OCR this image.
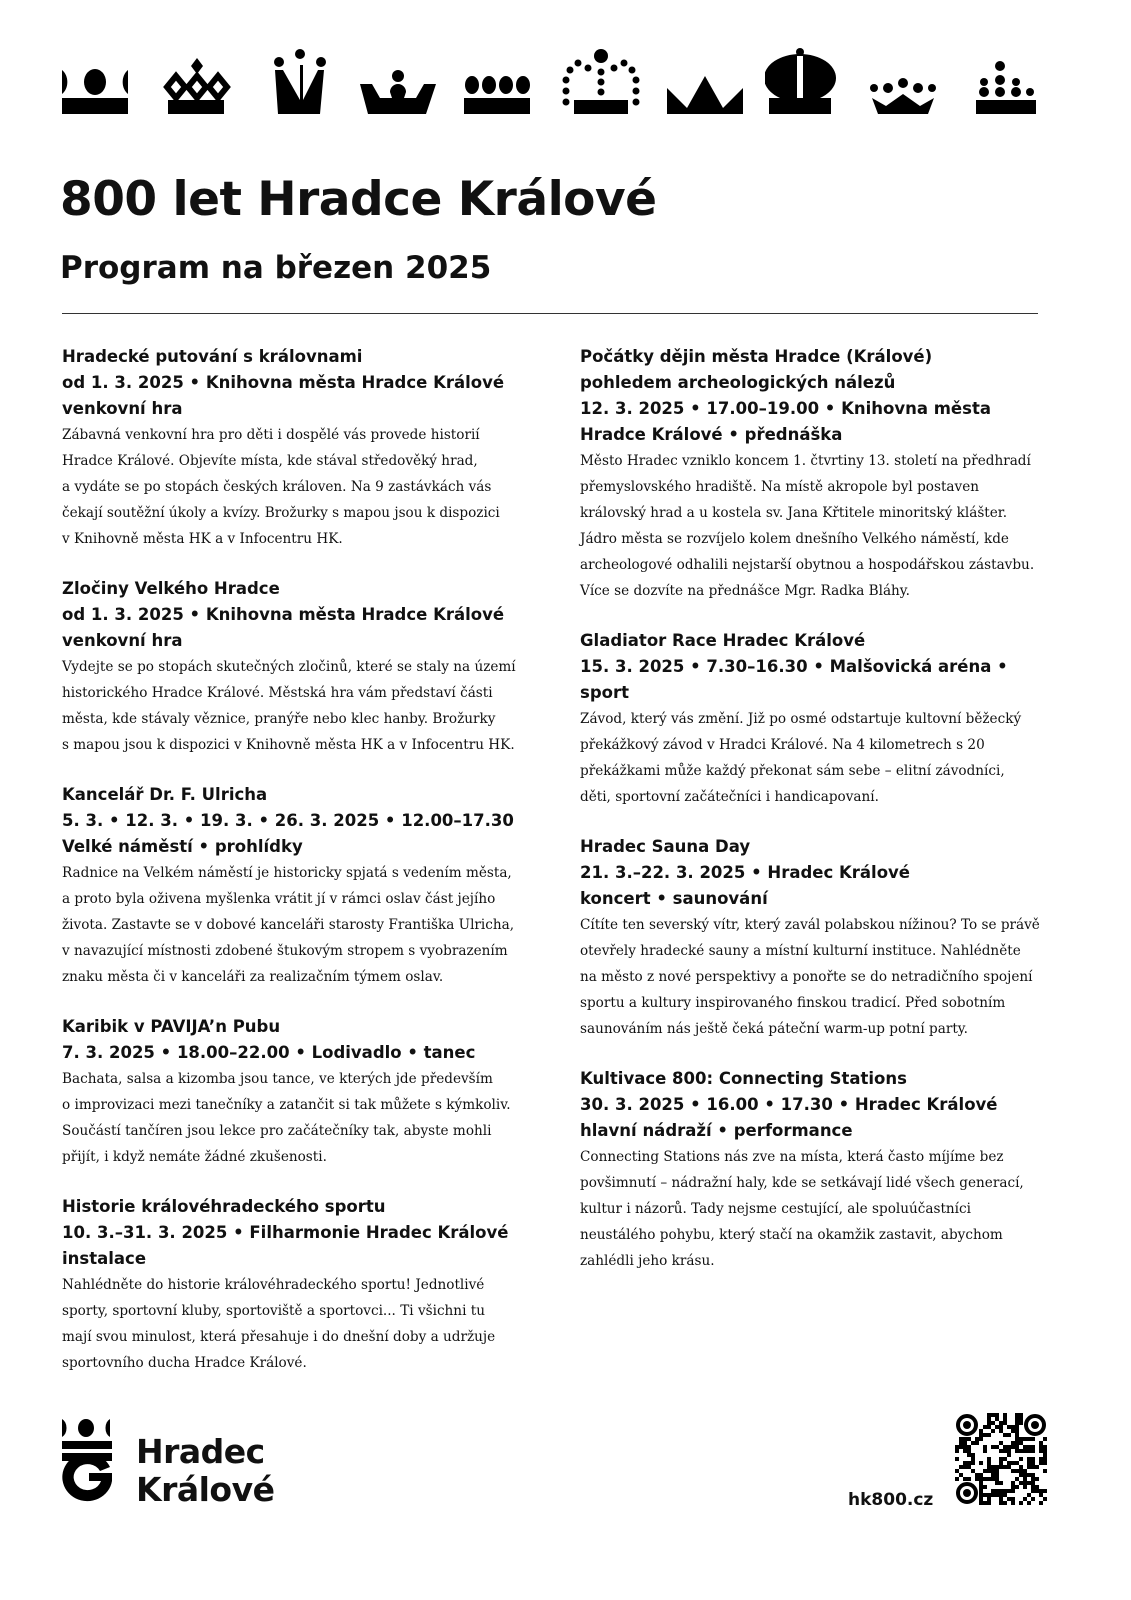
800 let Hradce Králové
Program na březen 2025
Hradecké putování s královnami
od 1. 3. 2025 • Knihovna města Hradce Králové
venkovní hra
Zábavná venkovní hra pro děti i dospělé vás provede historií
Hradce Králové. Objevíte místa, kde stával středověký hrad,
a vydáte se po stopách českých královen. Na 9 zastávkách vás
čekají soutěžní úkoly a kvízy. Brožurky s mapou jsou k dispozici
v Knihovně města HK a v Infocentru HK.
Zločiny Velkého Hradce
od 1. 3. 2025 • Knihovna města Hradce Králové
venkovní hra
Vydejte se po stopách skutečných zločinů, které se staly na území
historického Hradce Králové. Městská hra vám představí části
města, kde stávaly věznice, pranýře nebo klec hanby. Brožurky
s mapou jsou k dispozici v Knihovně města HK a v Infocentru HK.
Kancelář Dr. F. Ulricha
5. 3. • 12. 3. • 19. 3. • 26. 3. 2025 • 12.00–17.30
Velké náměstí • prohlídky
Radnice na Velkém náměstí je historicky spjatá s vedením města,
a proto byla oživena myšlenka vrátit jí v rámci oslav část jejího
života. Zastavte se v dobové kanceláři starosty Františka Ulricha,
v navazující místnosti zdobené štukovým stropem s vyobrazením
znaku města či v kanceláři za realizačním týmem oslav.
Karibik v PAVIJA’n Pubu
7. 3. 2025 • 18.00–22.00 • Lodivadlo • tanec
Bachata, salsa a kizomba jsou tance, ve kterých jde především
o improvizaci mezi tanečníky a zatančit si tak můžete s kýmkoliv.
Součástí tančíren jsou lekce pro začátečníky tak, abyste mohli
přijít, i když nemáte žádné zkušenosti.
Historie královéhradeckého sportu
10. 3.–31. 3. 2025 • Filharmonie Hradec Králové
instalace
Nahlédněte do historie královéhradeckého sportu! Jednotlivé
sporty, sportovní kluby, sportoviště a sportovci... Ti všichni tu
mají svou minulost, která přesahuje i do dnešní doby a udržuje
sportovního ducha Hradce Králové.
Počátky dějin města Hradce (Králové)
pohledem archeologických nálezů
12. 3. 2025 • 17.00–19.00 • Knihovna města
Hradce Králové • přednáška
Město Hradec vzniklo koncem 1. čtvrtiny 13. století na předhradí
přemyslovského hradiště. Na místě akropole byl postaven
královský hrad a u kostela sv. Jana Křtitele minoritský klášter.
Jádro města se rozvíjelo kolem dnešního Velkého náměstí, kde
archeologové odhalili nejstarší obytnou a hospodářskou zástavbu.
Více se dozvíte na přednášce Mgr. Radka Bláhy.
Gladiator Race Hradec Králové
15. 3. 2025 • 7.30–16.30 • Malšovická aréna • sport
Závod, který vás změní. Již po osmé odstartuje kultovní běžecký
překážkový závod v Hradci Králové. Na 4 kilometrech s 20
překážkami může každý překonat sám sebe – elitní závodníci,
děti, sportovní začátečníci i handicapovaní.
Hradec Sauna Day
21. 3.–22. 3. 2025 • Hradec Králové
koncert • saunování
Cítíte ten severský vítr, který zavál polabskou nížinou? To se právě
otevřely hradecké sauny a místní kulturní instituce. Nahlédněte
na město z nové perspektivy a ponořte se do netradičního spojení
sportu a kultury inspirovaného finskou tradicí. Před sobotním
saunováním nás ještě čeká páteční warm-up potní party.
Kultivace 800: Connecting Stations
30. 3. 2025 • 16.00 • 17.30 • Hradec Králové
hlavní nádraží • performance
Connecting Stations nás zve na místa, která často míjíme bez
povšimnutí – nádražní haly, kde se setkávají lidé všech generací,
kultur i názorů. Tady nejsme cestující, ale spoluúčastníci
neustálého pohybu, který stačí na okamžik zastavit, abychom
zahlédli jeho krásu.
Hradec
Králové	hk800.cz
